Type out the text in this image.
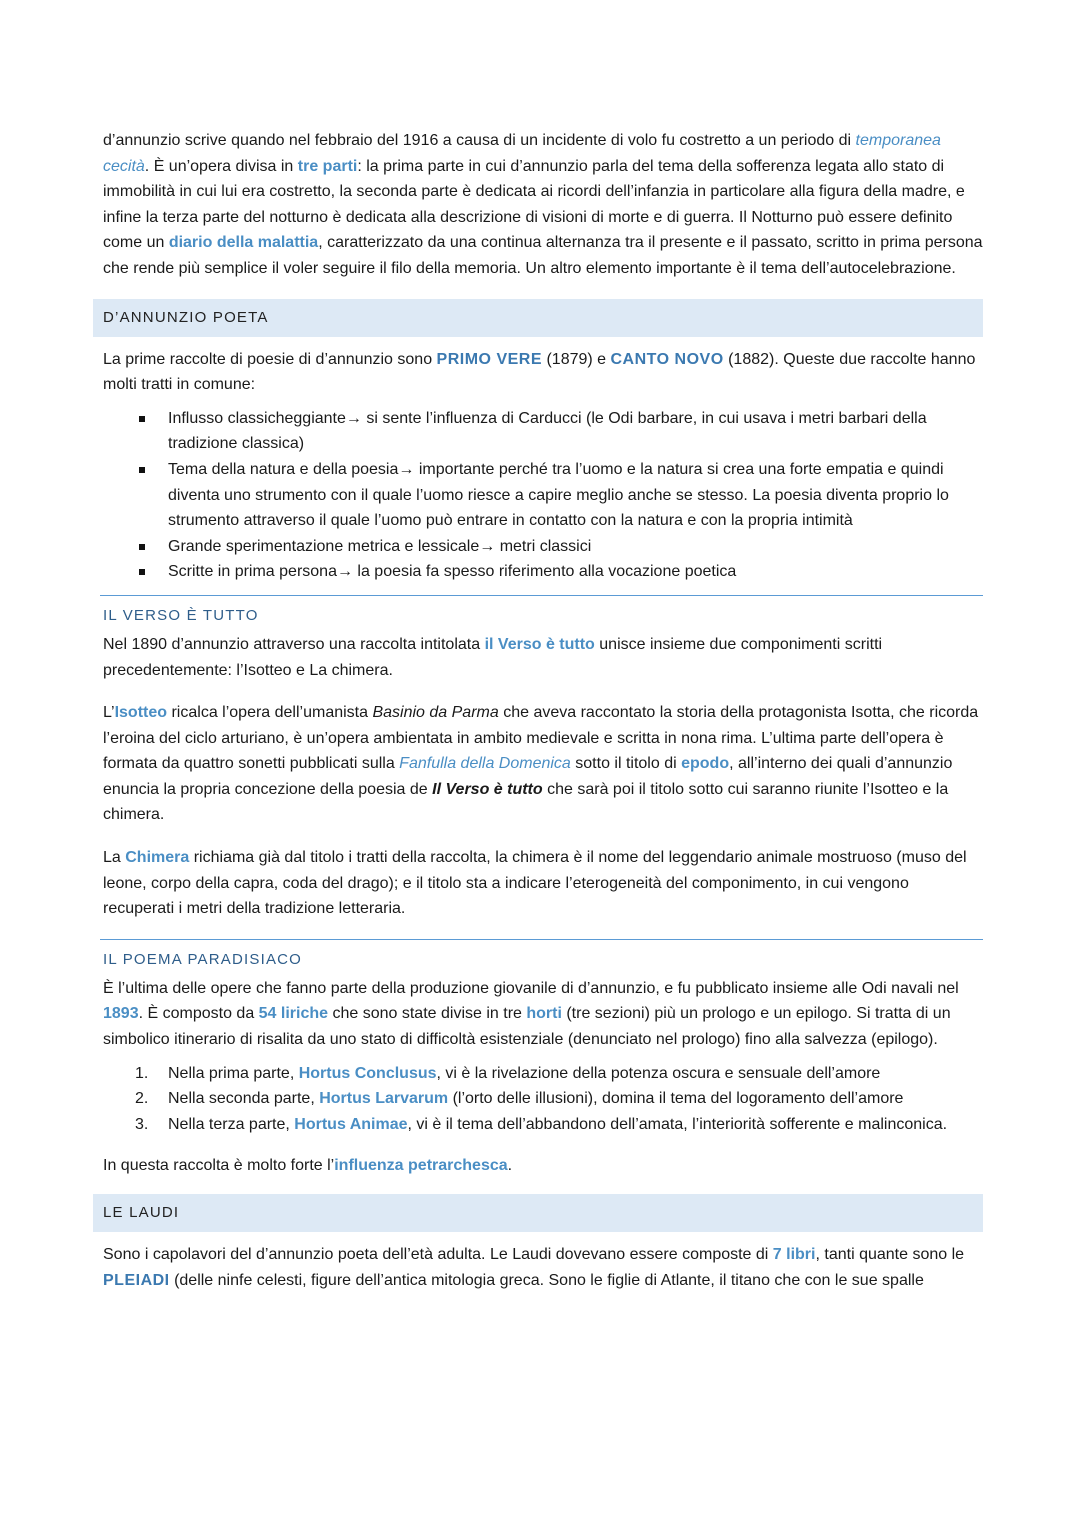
d’annunzio scrive quando nel febbraio del 1916 a causa di un incidente di volo fu costretto a un periodo di temporanea cecità. È un’opera divisa in tre parti: la prima parte in cui d’annunzio parla del tema della sofferenza legata allo stato di immobilità in cui lui era costretto, la seconda parte è dedicata ai ricordi dell’infanzia in particolare alla figura della madre, e infine la terza parte del notturno è dedicata alla descrizione di visioni di morte e di guerra. Il Notturno può essere definito come un diario della malattia, caratterizzato da una continua alternanza tra il presente e il passato, scritto in prima persona che rende più semplice il voler seguire il filo della memoria. Un altro elemento importante è il tema dell’autocelebrazione.

D’ANNUNZIO POETA

La prime raccolte di poesie di d’annunzio sono PRIMO VERE (1879) e CANTO NOVO (1882). Queste due raccolte hanno molti tratti in comune:

Influsso classicheggiante→ si sente l’influenza di Carducci (le Odi barbare, in cui usava i metri barbari della tradizione classica)
Tema della natura e della poesia→ importante perché tra l’uomo e la natura si crea una forte empatia e quindi diventa uno strumento con il quale l’uomo riesce a capire meglio anche se stesso. La poesia diventa proprio lo strumento attraverso il quale l’uomo può entrare in contatto con la natura e con la propria intimità
Grande sperimentazione metrica e lessicale→ metri classici
Scritte in prima persona→ la poesia fa spesso riferimento alla vocazione poetica
IL VERSO È TUTTO

Nel 1890 d’annunzio attraverso una raccolta intitolata il Verso è tutto unisce insieme due componimenti scritti precedentemente: l’Isotteo e La chimera.

L’Isotteo ricalca l’opera dell’umanista Basinio da Parma che aveva raccontato la storia della protagonista Isotta, che ricorda l’eroina del ciclo arturiano, è un’opera ambientata in ambito medievale e scritta in nona rima. L’ultima parte dell’opera è formata da quattro sonetti pubblicati sulla Fanfulla della Domenica sotto il titolo di epodo, all’interno dei quali d’annunzio enuncia la propria concezione della poesia de Il Verso è tutto che sarà poi il titolo sotto cui saranno riunite l’Isotteo e la chimera.

La Chimera richiama già dal titolo i tratti della raccolta, la chimera è il nome del leggendario animale mostruoso (muso del leone, corpo della capra, coda del drago); e il titolo sta a indicare l’eterogeneità del componimento, in cui vengono recuperati i metri della tradizione letteraria.

IL POEMA PARADISIACO

È l’ultima delle opere che fanno parte della produzione giovanile di d’annunzio, e fu pubblicato insieme alle Odi navali nel 1893. È composto da 54 liriche che sono state divise in tre horti (tre sezioni) più un prologo e un epilogo. Si tratta di un simbolico itinerario di risalita da uno stato di difficoltà esistenziale (denunciato nel prologo) fino alla salvezza (epilogo).

1. Nella prima parte, Hortus Conclusus, vi è la rivelazione della potenza oscura e sensuale dell’amore
2. Nella seconda parte, Hortus Larvarum (l’orto delle illusioni), domina il tema del logoramento dell’amore
3. Nella terza parte, Hortus Animae, vi è il tema dell’abbandono dell’amata, l’interiorità sofferente e malinconica.

In questa raccolta è molto forte l’influenza petrarchesca.

LE LAUDI

Sono i capolavori del d’annunzio poeta dell’età adulta. Le Laudi dovevano essere composte di 7 libri, tanti quante sono le PLEIADI (delle ninfe celesti, figure dell’antica mitologia greca. Sono le figlie di Atlante, il titano che con le sue spalle
